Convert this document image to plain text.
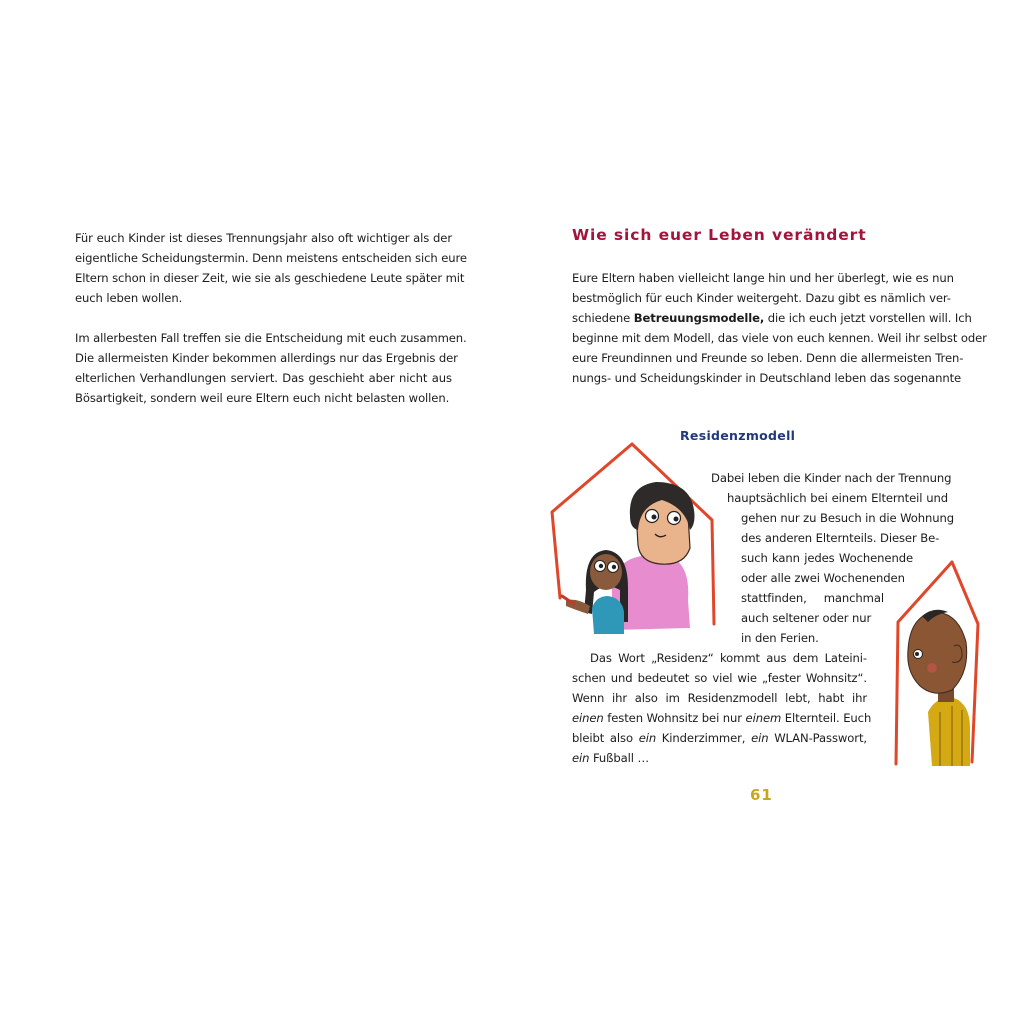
Für euch Kinder ist dieses Trennungsjahr also oft wichtiger als der
eigentliche Scheidungstermin. Denn meistens entscheiden sich eure
Eltern schon in dieser Zeit, wie sie als geschiedene Leute später mit
euch leben wollen.
Im allerbesten Fall treffen sie die Entscheidung mit euch zusammen.
Die allermeisten Kinder bekommen allerdings nur das Ergebnis der
elterlichen Verhandlungen serviert. Das geschieht aber nicht aus
Bösartigkeit, sondern weil eure Eltern euch nicht belasten wollen.
Wie sich euer Leben verändert
Eure Eltern haben vielleicht lange hin und her überlegt, wie es nun
bestmöglich für euch Kinder weitergeht. Dazu gibt es nämlich ver-
schiedene Betreuungsmodelle, die ich euch jetzt vorstellen will. Ich
beginne mit dem Modell, das viele von euch kennen. Weil ihr selbst oder
eure Freundinnen und Freunde so leben. Denn die allermeisten Tren-
nungs- und Scheidungskinder in Deutschland leben das sogenannte
Residenzmodell
Dabei leben die Kinder nach der Trennung
hauptsächlich bei einem Elternteil und
gehen nur zu Besuch in die Wohnung
des anderen Elternteils. Dieser Be-
such kann jedes Wochenende
oder alle zwei Wochenenden
stattfinden, manchmal
auch seltener oder nur
in den Ferien.
Das Wort „Residenz“ kommt aus dem Lateini-
schen und bedeutet so viel wie „fester Wohnsitz“.
Wenn ihr also im Residenzmodell lebt, habt ihr
einen festen Wohnsitz bei nur einem Elternteil. Euch
bleibt also ein Kinderzimmer, ein WLAN-Passwort,
ein Fußball …
61
